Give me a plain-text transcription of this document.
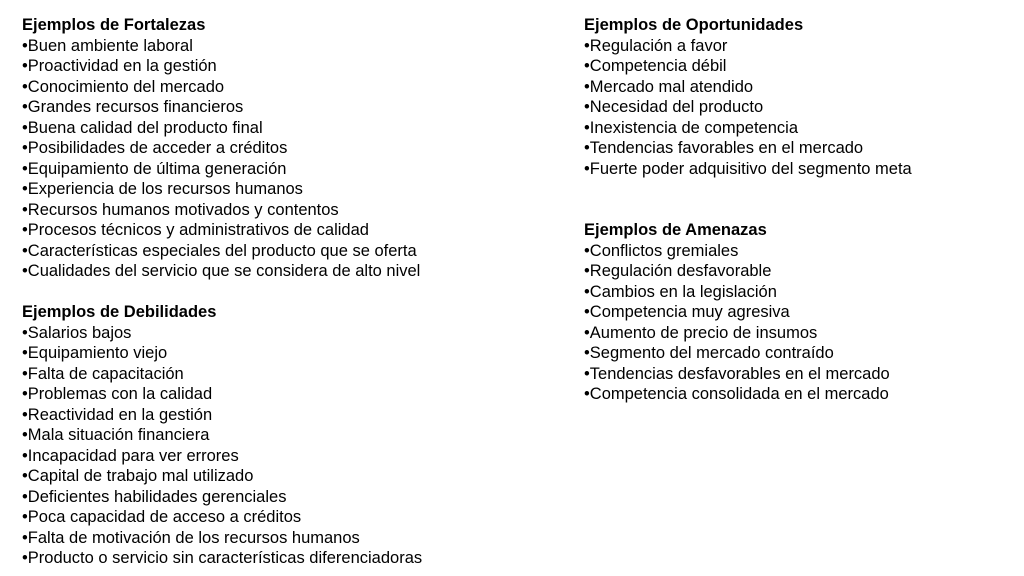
Ejemplos de Fortalezas
• Buen ambiente laboral
• Proactividad en la gestión
• Conocimiento del mercado
• Grandes recursos financieros
• Buena calidad del producto final
• Posibilidades de acceder a créditos
• Equipamiento de última generación
• Experiencia de los recursos humanos
• Recursos humanos motivados y contentos
• Procesos técnicos y administrativos de calidad
• Características especiales del producto que se oferta
• Cualidades del servicio que se considera de alto nivel
Ejemplos de Debilidades
• Salarios bajos
• Equipamiento viejo
• Falta de capacitación
• Problemas con la calidad
• Reactividad en la gestión
• Mala situación financiera
• Incapacidad para ver errores
• Capital de trabajo mal utilizado
• Deficientes habilidades gerenciales
• Poca capacidad de acceso a créditos
• Falta de motivación de los recursos humanos
• Producto o servicio sin características diferenciadoras
Ejemplos de Oportunidades
• Regulación a favor
• Competencia débil
• Mercado mal atendido
• Necesidad del producto
• Inexistencia de competencia
• Tendencias favorables en el mercado
• Fuerte poder adquisitivo del segmento meta
Ejemplos de Amenazas
• Conflictos gremiales
• Regulación desfavorable
• Cambios en la legislación
• Competencia muy agresiva
• Aumento de precio de insumos
• Segmento del mercado contraído
• Tendencias desfavorables en el mercado
• Competencia consolidada en el mercado
